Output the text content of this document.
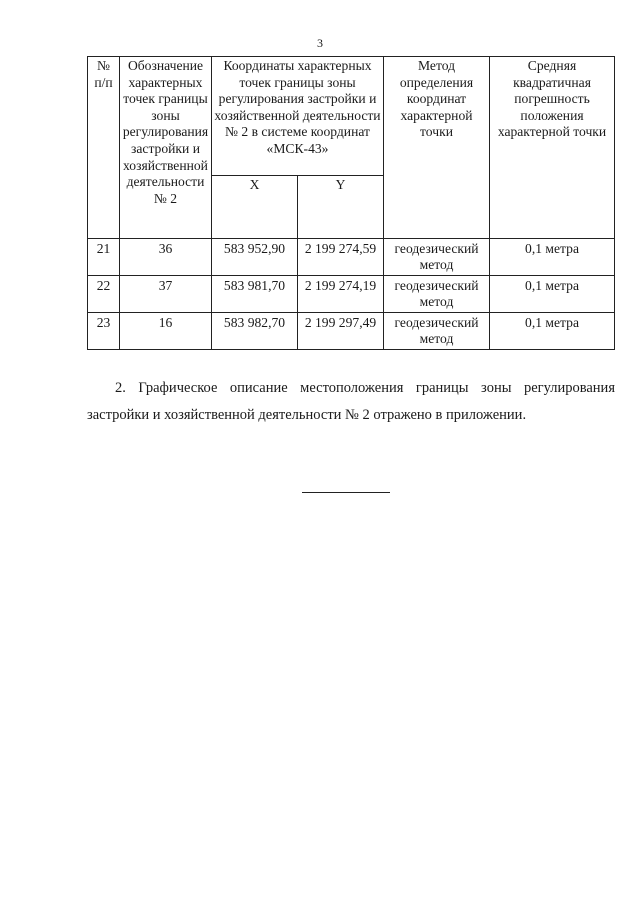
3
№ п/п	Обозначение характерных точек границы зоны регулирования застройки и хозяйственной деятельности № 2	Координаты характерных точек границы зоны регулирования застройки и хозяйственной деятельности № 2 в системе координат «МСК-43»		Метод определения координат характерной точки	Средняя квадратичная погрешность положения характерной точки
		X	Y		
21	36	583 952,90	2 199 274,59	геодезический метод	0,1 метра
22	37	583 981,70	2 199 274,19	геодезический метод	0,1 метра
23	16	583 982,70	2 199 297,49	геодезический метод	0,1 метра

2. Графическое описание местоположения границы зоны регулирования застройки и хозяйственной деятельности № 2 отражено в приложении.
